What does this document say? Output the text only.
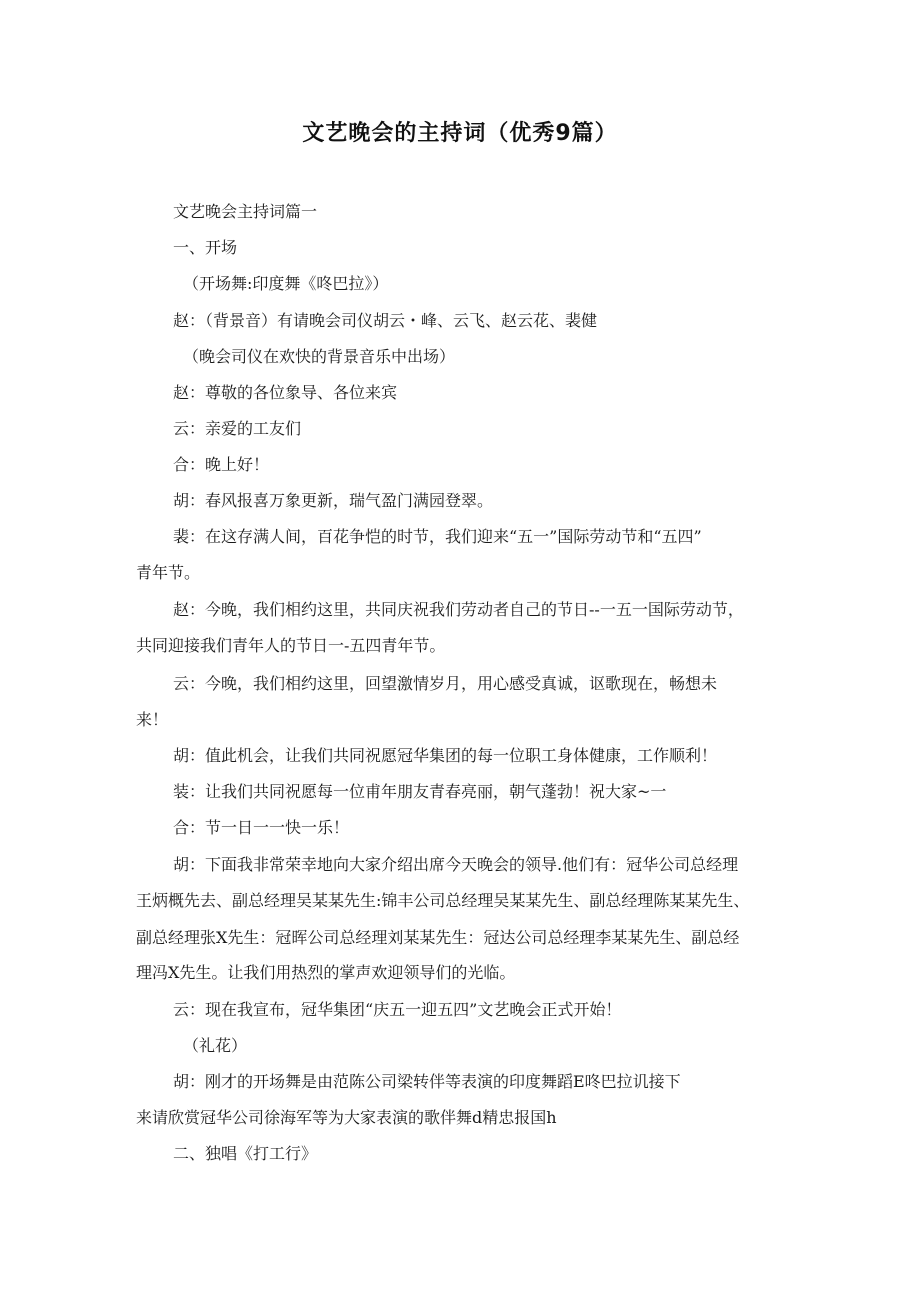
文艺晚会的主持词（优秀9篇）
文艺晚会主持词篇一
一、开场
（开场舞:印度舞《咚巴拉》）
赵：（背景音）有请晚会司仪胡云・峰、云飞、赵云花、裴健
（晚会司仪在欢快的背景音乐中出场）
赵：尊敬的各位象导、各位来宾
云：亲爱的工友们
合：晚上好！
胡：春风报喜万象更新，瑞气盈门满园登翠。
裴：在这存满人间，百花争恺的时节，我们迎来“五一”国际劳动节和“五四”
青年节。
赵：今晚，我们相约这里，共同庆祝我们劳动者自己的节日--一五一国际劳动节，
共同迎接我们青年人的节日一-五四青年节。
云：今晚，我们相约这里，回望激情岁月，用心感受真诚，讴歌现在，畅想未
来！
胡：值此机会，让我们共同祝愿冠华集团的每一位职工身体健康，工作顺利！
装：让我们共同祝愿每一位甫年朋友青春亮丽，朝气蓬勃！祝大家~一
合：节一日一一快一乐！
胡：下面我非常荣幸地向大家介绍出席今天晚会的领导.他们有：冠华公司总经理
王炳概先去、副总经理吴某某先生:锦丰公司总经理吴某某先生、副总经理陈某某先生、
副总经理张X先生：冠晖公司总经理刘某某先生：冠达公司总经理李某某先生、副总经
理冯X先生。让我们用热烈的掌声欢迎领导们的光临。
云：现在我宣布，冠华集团“庆五一迎五四”文艺晚会正式开始！
（礼花）
胡：刚才的开场舞是由范陈公司梁转伴等表演的印度舞蹈E咚巴拉讥接下
来请欣赏冠华公司徐海军等为大家表演的歌伴舞d精忠报国h
二、独唱《打工行》
